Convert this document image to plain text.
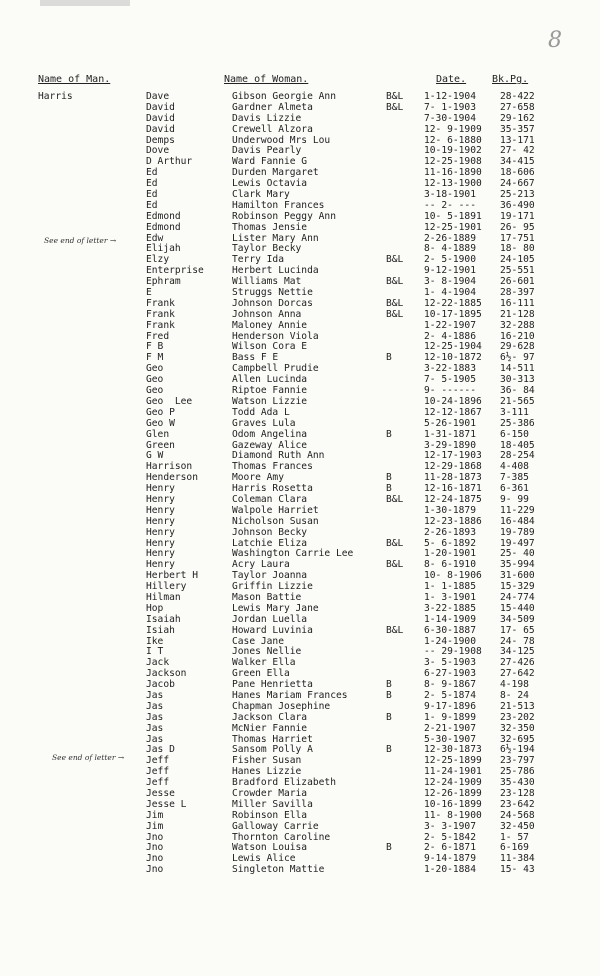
8
Name of Man.	Name of Woman.	Date.	Bk.Pg.
Harris	Dave	Gibson Georgie Ann	B&L 1-12-1904	28-422
David	Gardner Almeta	B&L 7- 1-1903	27-658
David	Davis Lizzie	7-30-1904	29-162
David	Crewell Alzora	12- 9-1909 35-357
Demps	Underwood Mrs Lou	12- 6-1880 13-171
Dove	Davis Pearly	10-19-1902 27- 42
D Arthur	Ward Fannie G	12-25-1908 34-415
Ed	Durden Margaret	11-16-1890 18-606
Ed	Lewis Octavia	12-13-1900 24-667
Ed	Clark Mary	3-18-1901	25-213
Ed	Hamilton Frances	-- 2- ---	36-490
Edmond	Robinson Peggy Ann	10- 5-1891 19-171
Edmond	Thomas Jensie	12-25-1901 26- 95
Edw	Lister Mary Ann	2-26-1889	17-751
Elijah	Taylor Becky	8- 4-1889	18- 80
Elzy	Terry Ida	B&L 2- 5-1900	24-105
Enterprise	Herbert Lucinda	9-12-1901	25-551
Ephram	Williams Mat	B&L 3- 8-1904	26-601
E	Struggs Nettie	1- 4-1904	28-397
Frank	Johnson Dorcas	B&L 12-22-1885 16-111
Frank	Johnson Anna	B&L 10-17-1895 21-128
Frank	Maloney Annie	1-22-1907	32-288
Fred	Henderson Viola	2- 4-1886	16-210
F B	Wilson Cora E	12-25-1904 29-628
F M	Bass F E	B	12-10-1872 6½- 97
Geo	Campbell Prudie	3-22-1883	14-511
Geo	Allen Lucinda	7- 5-1905	30-313
Geo	Riptoe Fannie	9- ------	36- 84
Geo  Lee	Watson Lizzie	10-24-1896 21-565
Geo P	Todd Ada L	12-12-1867 3-111
Geo W	Graves Lula	5-26-1901	25-386
Glen	Odom Angelina	B	1-31-1871	6-150
Green	Gazeway Alice	3-29-1890	18-405
G W	Diamond Ruth Ann	12-17-1903 28-254
Harrison	Thomas Frances	12-29-1868 4-408
Henderson	Moore Amy	B	11-28-1873 7-385
Henry	Harris Rosetta	B	12-16-1871 6-361
Henry	Coleman Clara	B&L 12-24-1875 9- 99
Henry	Walpole Harriet	1-30-1879	11-229
Henry	Nicholson Susan	12-23-1886 16-484
Henry	Johnson Becky	2-26-1893	19-789
Henry	Latchie Eliza	B&L 5- 6-1892	19-497
Henry	Washington Carrie Lee	1-20-1901	25- 40
Henry	Acry Laura	B&L 8- 6-1910	35-994
Herbert H	Taylor Joanna	10- 8-1906 31-600
Hillery	Griffin Lizzie	1- 1-1885	15-329
Hilman	Mason Battie	1- 3-1901	24-774
Hop	Lewis Mary Jane	3-22-1885	15-440
Isaiah	Jordan Luella	1-14-1909	34-509
Isiah	Howard Luvinia	B&L 6-30-1887	17- 65
Ike	Case Jane	1-24-1900	24- 78
I T	Jones Nellie	-- 29-1908 34-125
Jack	Walker Ella	3- 5-1903	27-426
Jackson	Green Ella	6-27-1903	27-642
Jacob	Pane Henrietta	B	8- 9-1867	4-198
Jas	Hanes Mariam Frances	B	2- 5-1874	8- 24
Jas	Chapman Josephine	9-17-1896	21-513
Jas	Jackson Clara	B	1- 9-1899	23-202
Jas	McNier Fannie	2-21-1907	32-350
Jas	Thomas Harriet	5-30-1907	32-695
Jas D	Sansom Polly A	B	12-30-1873 6½-194
Jeff	Fisher Susan	12-25-1899 23-797
Jeff	Hanes Lizzie	11-24-1901 25-786
Jeff	Bradford Elizabeth	12-24-1909 35-430
Jesse	Crowder Maria	12-26-1899 23-128
Jesse L	Miller Savilla	10-16-1899 23-642
Jim	Robinson Ella	11- 8-1900 24-568
Jim	Galloway Carrie	3- 3-1907	32-450
Jno	Thornton Caroline	2- 5-1842	1- 57
Jno	Watson Louisa	B	2- 6-1871	6-169
Jno	Lewis Alice	9-14-1879	11-384
Jno	Singleton Mattie	1-20-1884	15- 43
See end of letter →
See end of letter →
